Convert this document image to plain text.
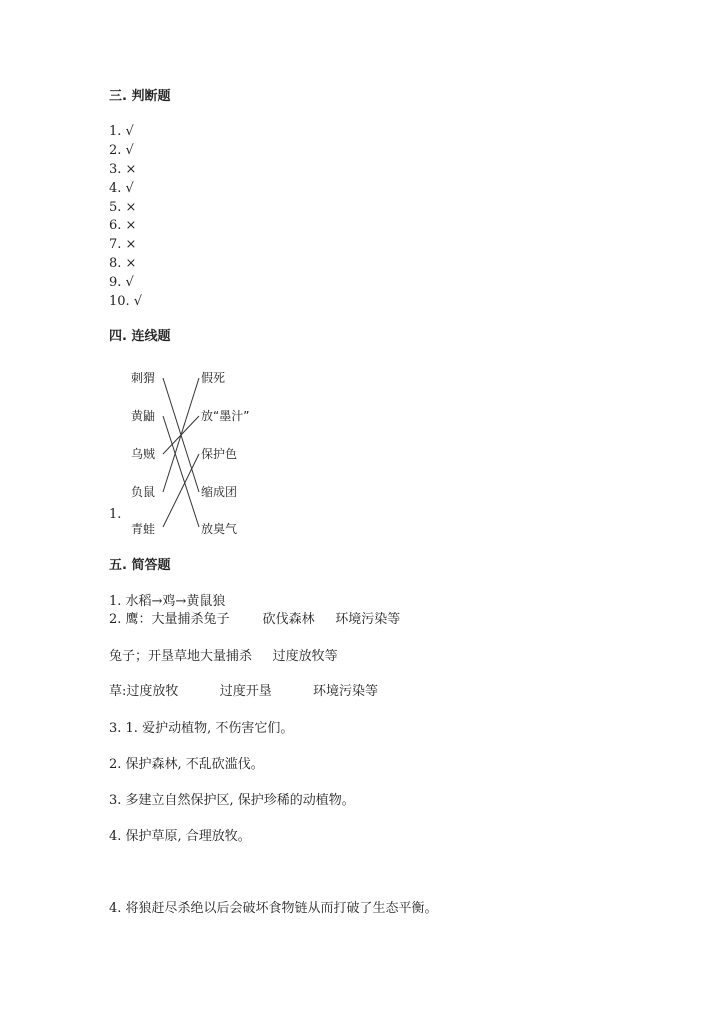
三. 判断题
1. √
2. √
3. ×
4. √
5. ×
6. ×
7. ×
8. ×
9. √
10. √
四. 连线题
刺猬
黄鼬
乌贼
负鼠
青蛙
假死
放“墨汁”
保护色
缩成团
放臭气
1.
五. 简答题
1. 水稻→鸡→黄鼠狼
2. 鹰：大量捕杀兔子        砍伐森林     环境污染等
兔子；开垦草地大量捕杀     过度放牧等
草:过度放牧          过度开垦          环境污染等
3. 1. 爱护动植物, 不伤害它们。
2. 保护森林, 不乱砍滥伐。
3. 多建立自然保护区, 保护珍稀的动植物。
4. 保护草原, 合理放牧。
4. 将狼赶尽杀绝以后会破坏食物链从而打破了生态平衡。
